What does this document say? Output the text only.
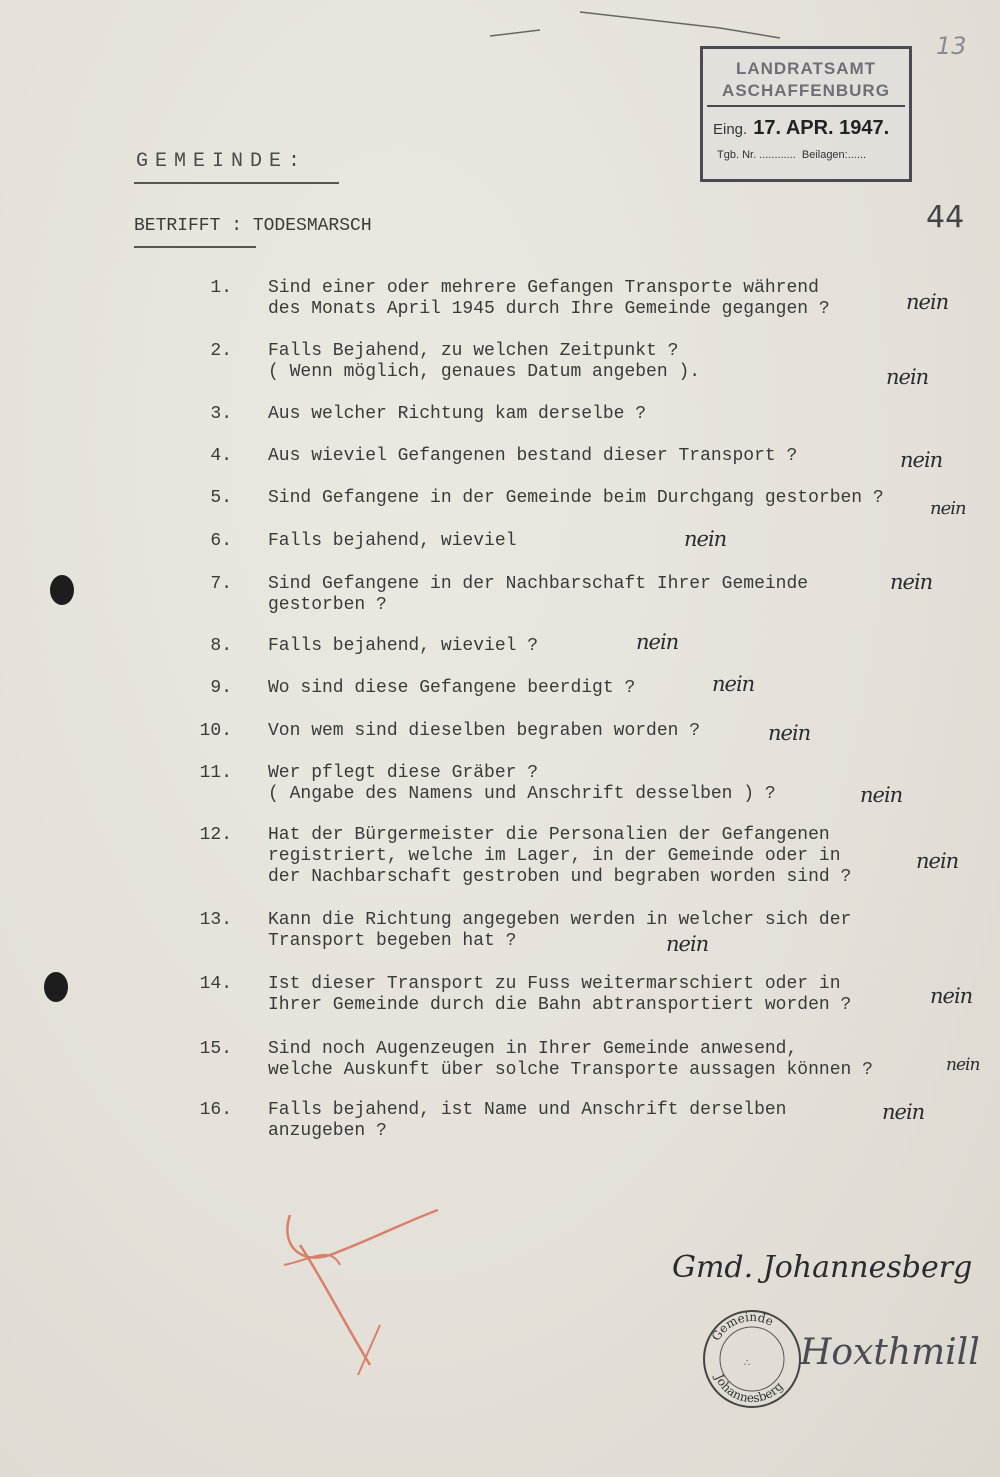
13
LANDRATSAMT
ASCHAFFENBURG
Eing. 17. APR. 1947.
Tgb. Nr. ............ Beilagen:......
44
GEMEINDE:
BETRIFFT : TODESMARSCH
1. Sind einer oder mehrere Gefangen Transporte während
des Monats April 1945 durch Ihre Gemeinde gegangen ?	nein
2. Falls Bejahend, zu welchen Zeitpunkt ?
( Wenn möglich, genaues Datum angeben ).	nein
3. Aus welcher Richtung kam derselbe ?
4. Aus wieviel Gefangenen bestand dieser Transport ?	nein
5. Sind Gefangene in der Gemeinde beim Durchgang gestorben ?	nein
6. Falls bejahend, wieviel	nein
7. Sind Gefangene in der Nachbarschaft Ihrer Gemeinde
gestorben ?
nein
8. Falls bejahend, wieviel ?	nein
9. Wo sind diese Gefangene beerdigt ?	nein
10. Von wem sind dieselben begraben worden ?	nein
11. Wer pflegt diese Gräber ?
( Angabe des Namens und Anschrift desselben ) ?	nein
12. Hat der Bürgermeister die Personalien der Gefangenen
registriert, welche im Lager, in der Gemeinde oder in
der Nachbarschaft gestroben und begraben worden sind ?
nein
13. Kann die Richtung angegeben werden in welcher sich der
Transport begeben hat ?	nein
14. Ist dieser Transport zu Fuss weitermarschiert oder in
Ihrer Gemeinde durch die Bahn abtransportiert worden ?	nein
15. Sind noch Augenzeugen in Ihrer Gemeinde anwesend,
welche Auskunft über solche Transporte aussagen können ?	nein
16. Falls bejahend, ist Name und Anschrift derselben
anzugeben ?
nein
Gmd. Johannesberg
Gemeinde
Johannesberg
∴ Hoxthmill
